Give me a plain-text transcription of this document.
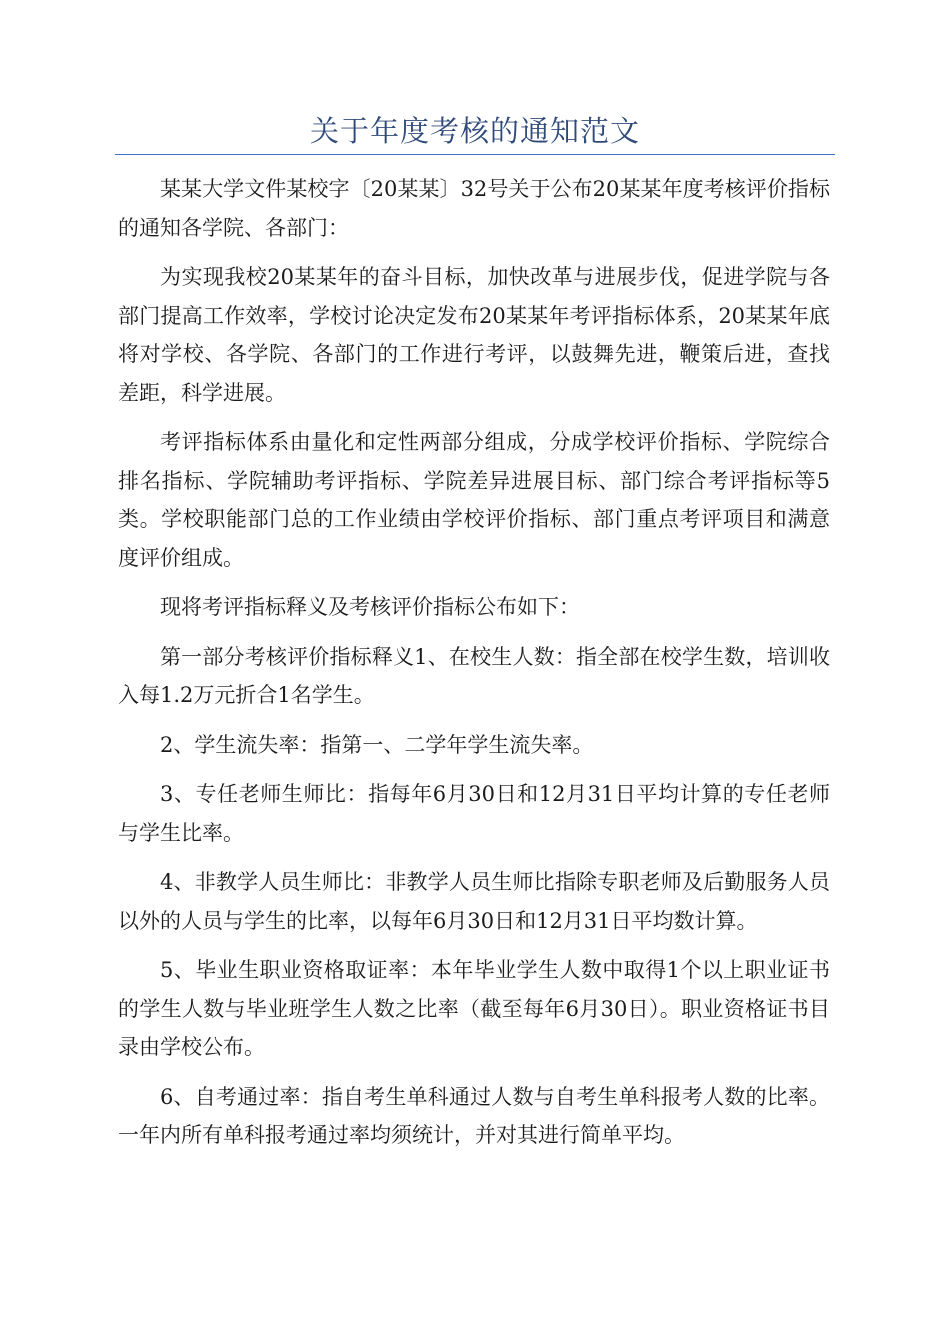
关于年度考核的通知范文

某某大学文件某校字〔20某某〕32号关于公布20某某年度考核评价指标的通知各学院、各部门：

为实现我校20某某年的奋斗目标，加快改革与进展步伐，促进学院与各部门提高工作效率，学校讨论决定发布20某某年考评指标体系，20某某年底将对学校、各学院、各部门的工作进行考评，以鼓舞先进，鞭策后进，查找差距，科学进展。

考评指标体系由量化和定性两部分组成，分成学校评价指标、学院综合排名指标、学院辅助考评指标、学院差异进展目标、部门综合考评指标等5类。学校职能部门总的工作业绩由学校评价指标、部门重点考评项目和满意度评价组成。

现将考评指标释义及考核评价指标公布如下：

第一部分考核评价指标释义1、在校生人数：指全部在校学生数，培训收入每1.2万元折合1名学生。

2、学生流失率：指第一、二学年学生流失率。

3、专任老师生师比：指每年6月30日和12月31日平均计算的专任老师与学生比率。

4、非教学人员生师比：非教学人员生师比指除专职老师及后勤服务人员以外的人员与学生的比率，以每年6月30日和12月31日平均数计算。

5、毕业生职业资格取证率：本年毕业学生人数中取得1个以上职业证书的学生人数与毕业班学生人数之比率（截至每年6月30日）。职业资格证书目录由学校公布。

6、自考通过率：指自考生单科通过人数与自考生单科报考人数的比率。一年内所有单科报考通过率均须统计，并对其进行简单平均。
